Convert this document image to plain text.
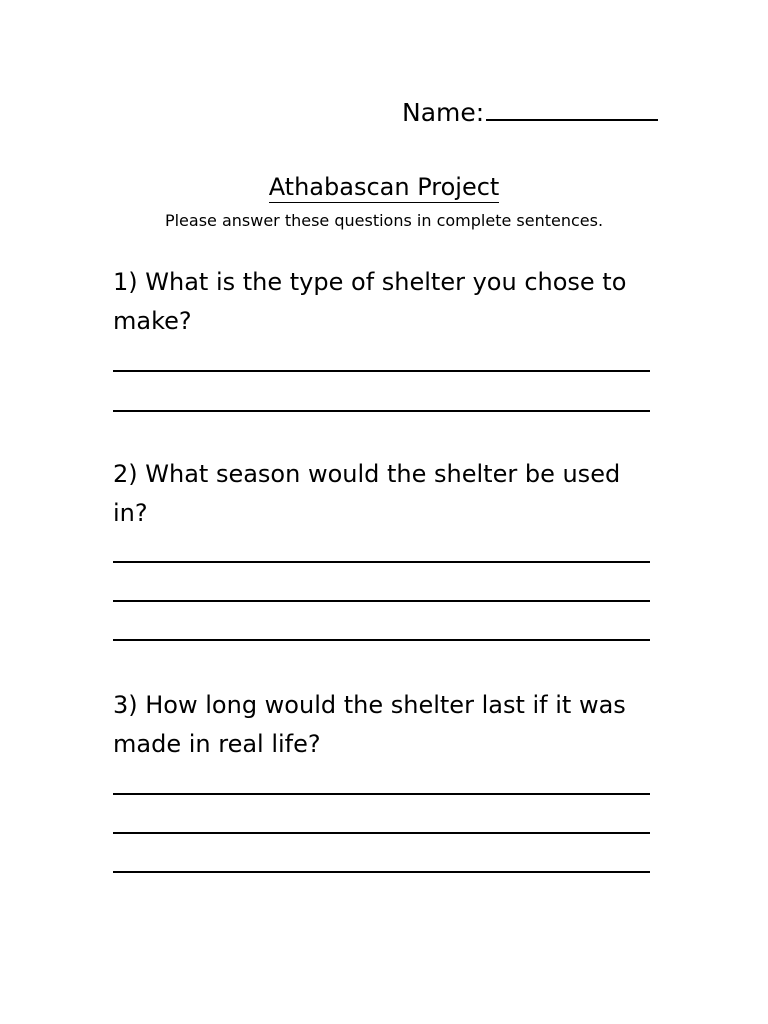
Name:
Athabascan Project
Please answer these questions in complete sentences.
1) What is the type of shelter you chose to make?
2) What season would the shelter be used in?
3) How long would the shelter last if it was made in real life?
